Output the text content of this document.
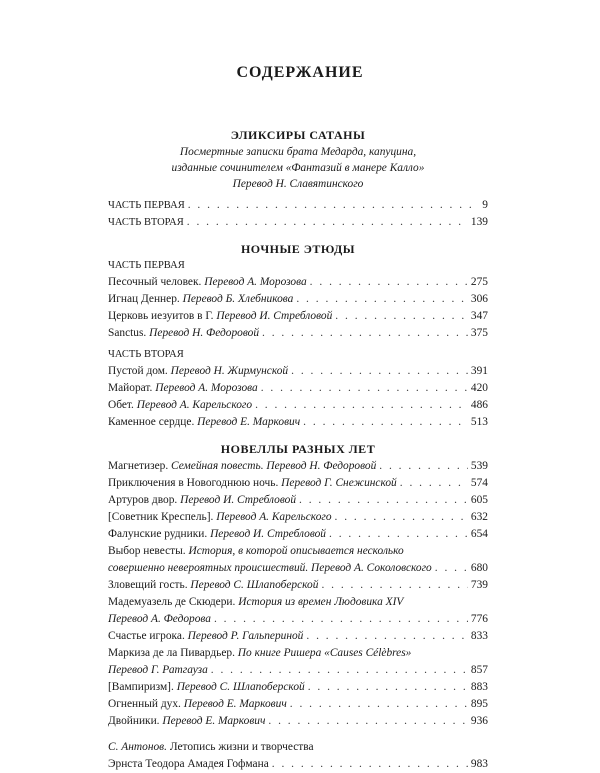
СОДЕРЖАНИЕ
ЭЛИКСИРЫ САТАНЫ
Посмертные записки брата Медарда, капуцина,
изданные сочинителем «Фантазий в манере Калло»
Перевод Н. Славятинского
ЧАСТЬ ПЕРВАЯ . . .	9
ЧАСТЬ ВТОРАЯ . . .	139
НОЧНЫЕ ЭТЮДЫ
ЧАСТЬ ПЕРВАЯ
Песочный человек. Перевод А. Морозова . . .	275
Игнац Деннер. Перевод Б. Хлебникова . . .	306
Церковь иезуитов в Г. Перевод И. Стребловой . . .	347
Sanctus. Перевод Н. Федоровой . . .	375
ЧАСТЬ ВТОРАЯ
Пустой дом. Перевод Н. Жирмунской . . .	391
Майорат. Перевод А. Морозова . . .	420
Обет. Перевод А. Карельского . . .	486
Каменное сердце. Перевод Е. Маркович . . .	513
НОВЕЛЛЫ РАЗНЫХ ЛЕТ
Магнетизер. Семейная повесть. Перевод Н. Федоровой . . .	539
Приключения в Новогоднюю ночь. Перевод Г. Снежинской . . .	574
Артуров двор. Перевод И. Стребловой . . .	605
[Советник Креспель]. Перевод А. Карельского . . .	632
Фалунские рудники. Перевод И. Стребловой . . .	654
Выбор невесты. История, в которой описывается несколько
совершенно невероятных происшествий. Перевод А. Соколовского . . .	680
Зловещий гость. Перевод С. Шлапоберской . . .	739
Мадемуазель де Скюдери. История из времен Людовика XIV
Перевод А. Федорова . . .	776
Счастье игрока. Перевод Р. Гальпериной . . .	833
Маркиза де ла Пивардьер. По книге Ришера «Causes Célèbres»
Перевод Г. Ратгауза . . .	857
[Вампиризм]. Перевод С. Шлапоберской . . .	883
Огненный дух. Перевод Е. Маркович . . .	895
Двойники. Перевод Е. Маркович . . .	936
С. Антонов. Летопись жизни и творчества
Эрнста Теодора Амадея Гофмана . . .	983
